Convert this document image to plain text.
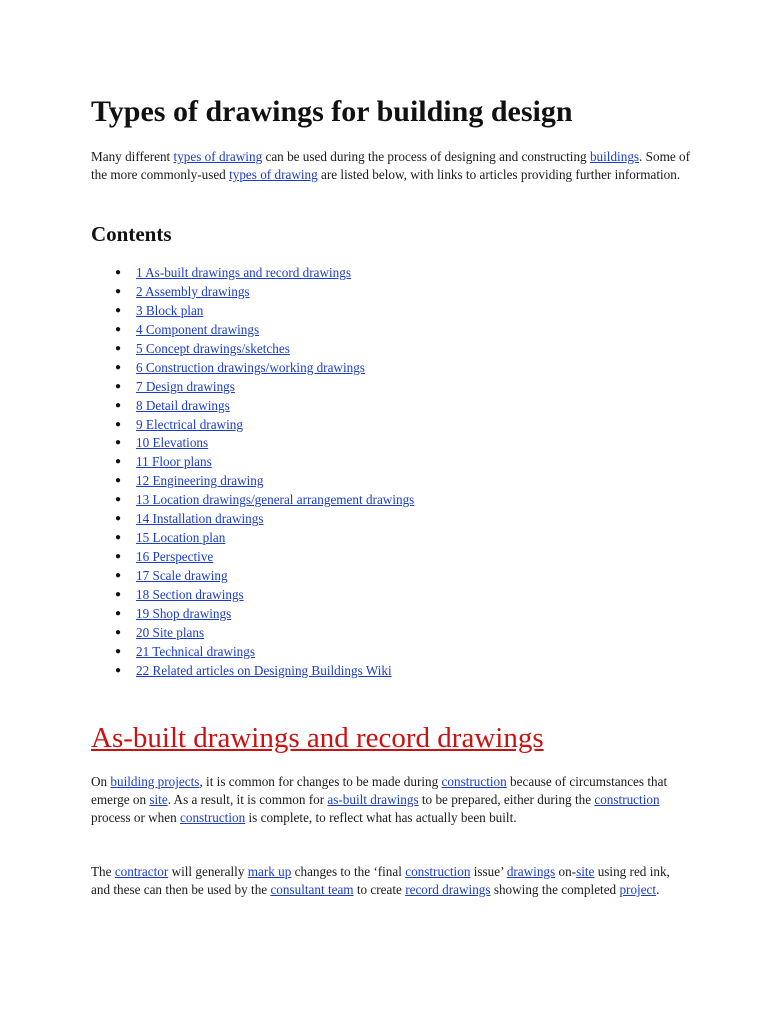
Types of drawings for building design

Many different types of drawing can be used during the process of designing and constructing buildings. Some of the more commonly-used types of drawing are listed below, with links to articles providing further information.

Contents
● 1 As-built drawings and record drawings
● 2 Assembly drawings
● 3 Block plan
● 4 Component drawings
● 5 Concept drawings/sketches
● 6 Construction drawings/working drawings
● 7 Design drawings
● 8 Detail drawings
● 9 Electrical drawing
● 10 Elevations
● 11 Floor plans
● 12 Engineering drawing
● 13 Location drawings/general arrangement drawings
● 14 Installation drawings
● 15 Location plan
● 16 Perspective
● 17 Scale drawing
● 18 Section drawings
● 19 Shop drawings
● 20 Site plans
● 21 Technical drawings
● 22 Related articles on Designing Buildings Wiki
As-built drawings and record drawings

On building projects, it is common for changes to be made during construction because of circumstances that emerge on site. As a result, it is common for as-built drawings to be prepared, either during the construction process or when construction is complete, to reflect what has actually been built.

The contractor will generally mark up changes to the ‘final construction issue’ drawings on-site using red ink, and these can then be used by the consultant team to create record drawings showing the completed project.
